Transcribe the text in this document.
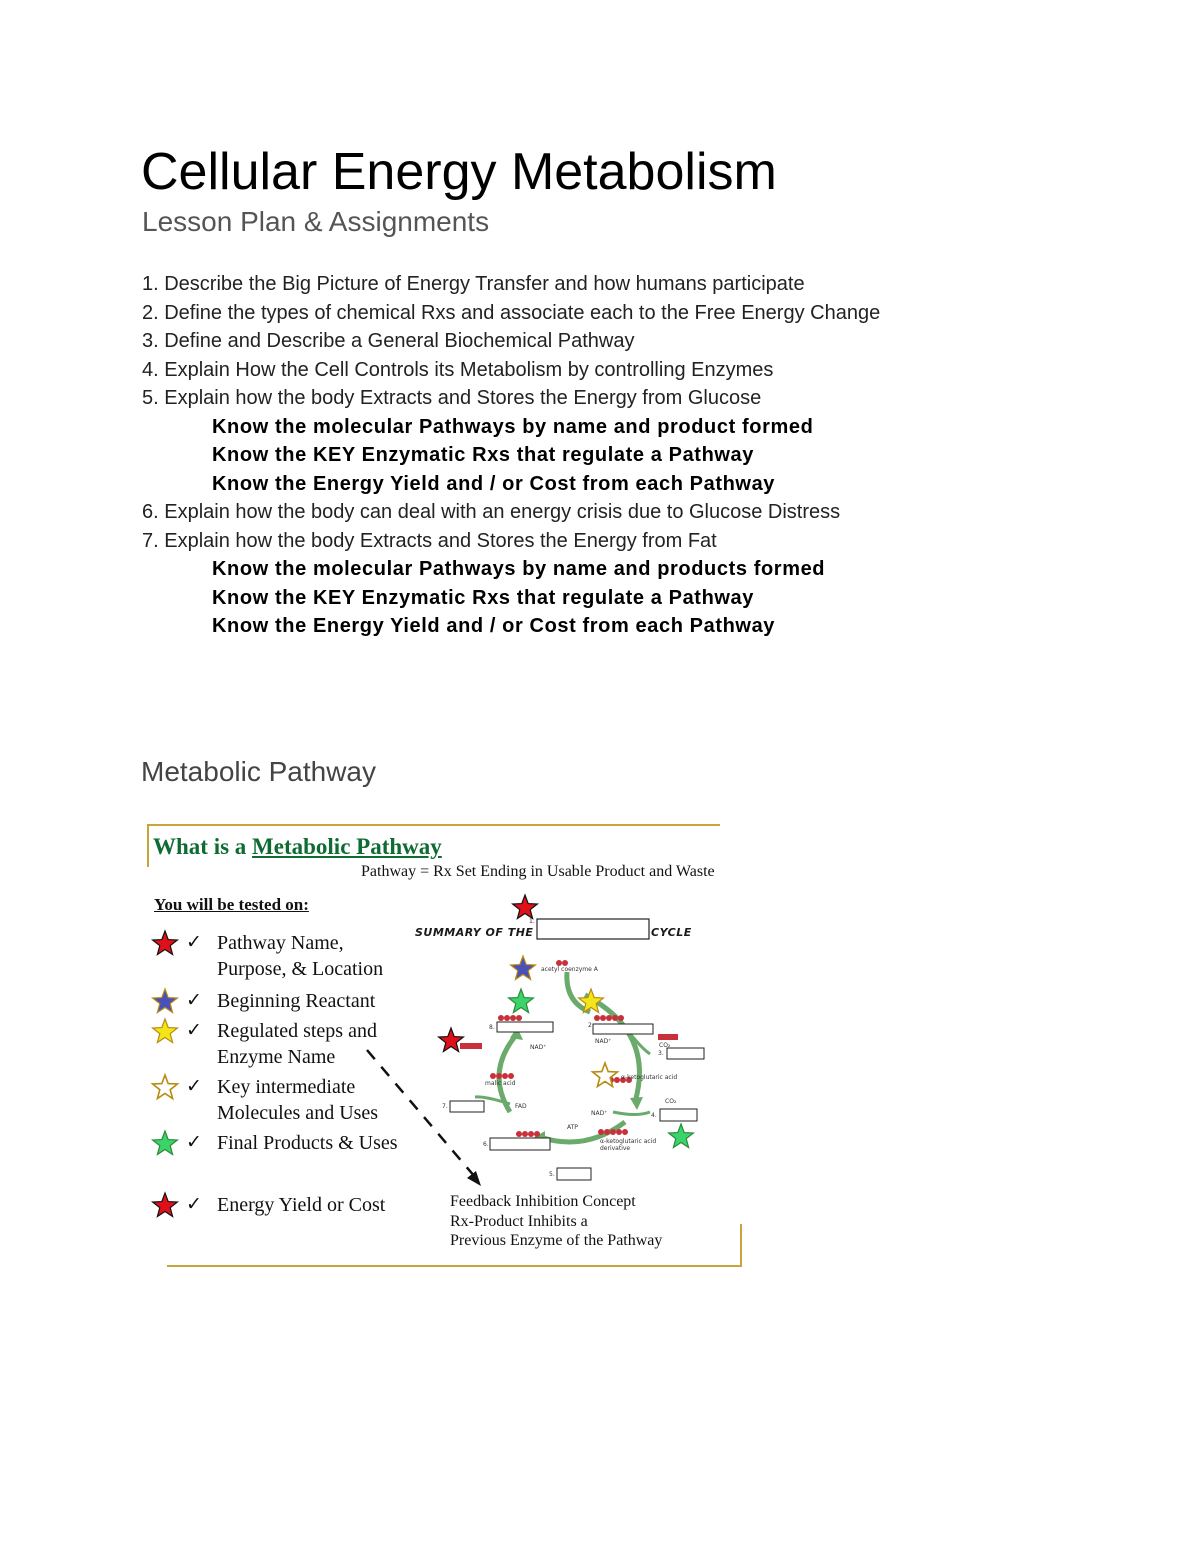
Cellular Energy Metabolism
Lesson Plan & Assignments
1. Describe the Big Picture of Energy Transfer and how humans participate
2. Define the types of chemical Rxs and associate each to the Free Energy Change
3. Define and Describe a General Biochemical Pathway
4. Explain How the Cell Controls its Metabolism by controlling Enzymes
5. Explain how the body Extracts and Stores the Energy from Glucose
Know the molecular Pathways by name and product formed
Know the KEY Enzymatic Rxs that regulate a Pathway
Know the Energy Yield and / or Cost from each Pathway
6. Explain how the body can deal with an energy crisis due to Glucose Distress
7. Explain how the body Extracts and Stores the Energy from Fat
Know the molecular Pathways by name and products formed
Know the KEY Enzymatic Rxs that regulate a Pathway
Know the Energy Yield and / or Cost from each Pathway
Metabolic Pathway
What is a Metabolic Pathway
Pathway = Rx Set Ending in Usable Product and Waste
You will be tested on:
✓ Pathway Name,
Purpose, & Location
✓ Beginning Reactant
✓ Regulated steps and
Enzyme Name
✓ Key intermediate
Molecules and Uses
✓ Final Products & Uses
✓ Energy Yield or Cost
SUMMARY OF THE	CYCLE
acetyl coenzyme A
malic acid
α-ketoglutaric acid
α-ketoglutaric acid derivative
ATP
FAD
NAD⁺
NAD⁺
NAD⁺
CO₂
CO₂
1.
2.
3.
4.
5.
6.
7.
8.
Feedback Inhibition Concept
Rx-Product Inhibits a
Previous Enzyme of the Pathway
